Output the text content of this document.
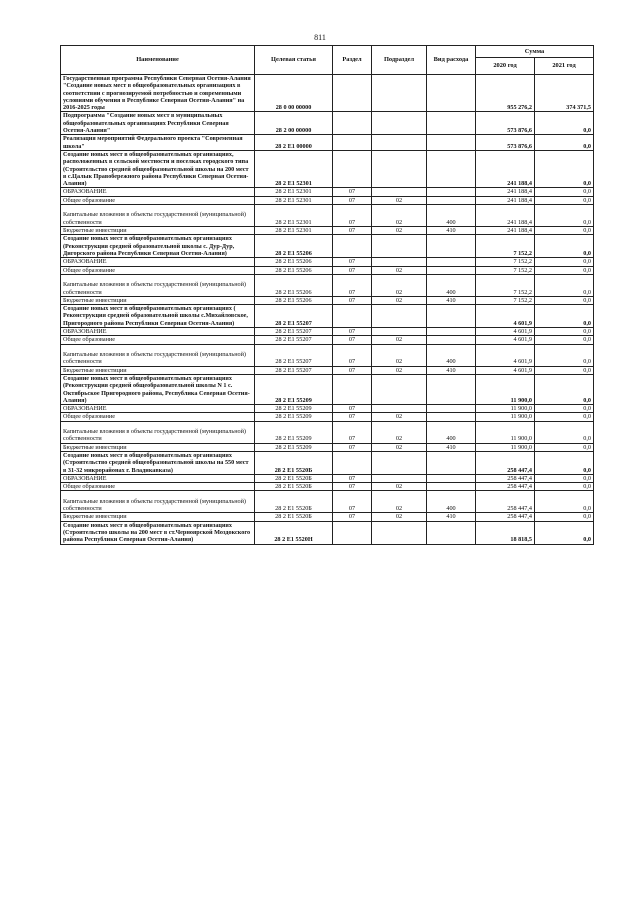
811
Наименование	Целевая статья	Раздел	Подраздел	Вид расхода	Сумма	
					2020 год	2021 год
Государственная программа Республики Северная Осетия-Алания "Создание новых мест в общеобразовательных организациях в соответствии с прогнозируемой потребностью и современными условиями обучения в Республике Северная Осетия-Алания" на 2016-2025 годы	28 0 00 00000				955 276,2	374 371,5
Подпрограмма "Создание новых мест в муниципальных общеобразовательных организациях Республики Северная Осетия-Алания"	28 2 00 00000				573 876,6	0,0
Реализация мероприятий Федерального проекта "Современная школа"	28 2 Е1 00000				573 876,6	0,0
Создание новых мест в общеобразовательных организациях, расположенных в сельской местности и поселках городского типа (Строительство средней общеобразовательной школы на 200 мест в с.Цалык Правобережного района Республики Северная Осетия-Алания)	28 2 Е1 52301				241 188,4	0,0
ОБРАЗОВАНИЕ	28 2 Е1 52301	07			241 188,4	0,0
Общее образование	28 2 Е1 52301	07	02		241 188,4	0,0
Капитальные вложения в объекты государственной (муниципальной) собственности	28 2 Е1 52301	07	02	400	241 188,4	0,0
Бюджетные инвестиции	28 2 Е1 52301	07	02	410	241 188,4	0,0
Создание новых мест в общеобразовательных организациях (Реконструкция средней образовательной школы с. Дур-Дур, Дигорского района Республики Северная Осетия-Алания)	28 2 Е1 55206				7 152,2	0,0
ОБРАЗОВАНИЕ	28 2 Е1 55206	07			7 152,2	0,0
Общее образование	28 2 Е1 55206	07	02		7 152,2	0,0
Капитальные вложения в объекты государственной (муниципальной) собственности	28 2 Е1 55206	07	02	400	7 152,2	0,0
Бюджетные инвестиции	28 2 Е1 55206	07	02	410	7 152,2	0,0
Создание новых мест в общеобразовательных организациях ( Реконструкция средней образовательной школы с.Михайловское, Пригородного района Республики Северная Осетия-Алания)	28 2 Е1 55207				4 601,9	0,0
ОБРАЗОВАНИЕ	28 2 Е1 55207	07			4 601,9	0,0
Общее образование	28 2 Е1 55207	07	02		4 601,9	0,0
Капитальные вложения в объекты государственной (муниципальной) собственности	28 2 Е1 55207	07	02	400	4 601,9	0,0
Бюджетные инвестиции	28 2 Е1 55207	07	02	410	4 601,9	0,0
Создание новых мест в общеобразовательных организациях (Реконструкция средней общеобразовательной школы N 1 с. Октябрьское Пригородного района, Республика Северная Осетия-Алания)	28 2 Е1 55209				11 900,0	0,0
ОБРАЗОВАНИЕ	28 2 Е1 55209	07			11 900,0	0,0
Общее образование	28 2 Е1 55209	07	02		11 900,0	0,0
Капитальные вложения в объекты государственной (муниципальной) собственности	28 2 Е1 55209	07	02	400	11 900,0	0,0
Бюджетные инвестиции	28 2 Е1 55209	07	02	410	11 900,0	0,0
Создание новых мест в общеобразовательных организациях (Строительство средней общеобразовательной школы на 550 мест в 31-32 микрорайонах г. Владикавказа)	28 2 Е1 5520Б				258 447,4	0,0
ОБРАЗОВАНИЕ	28 2 Е1 5520Б	07			258 447,4	0,0
Общее образование	28 2 Е1 5520Б	07	02		258 447,4	0,0
Капитальные вложения в объекты государственной (муниципальной) собственности	28 2 Е1 5520Б	07	02	400	258 447,4	0,0
Бюджетные инвестиции	28 2 Е1 5520Б	07	02	410	258 447,4	0,0
Создание новых мест в общеобразовательных организациях (Строительство школы на 200 мест в ст.Черноярской Моздокского района Республики Северная Осетия-Алания)	28 2 Е1 5520Н				18 818,5	0,0
